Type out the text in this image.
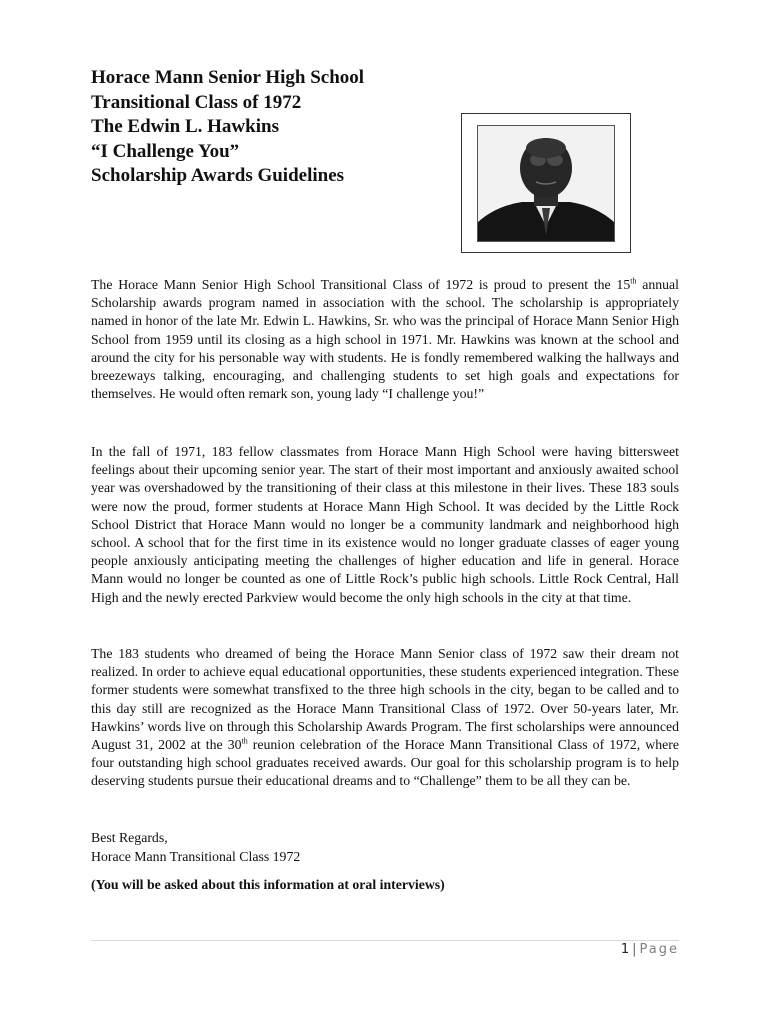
Horace Mann Senior High School
Transitional Class of 1972
The Edwin L. Hawkins
“I Challenge You”
Scholarship Awards Guidelines
The Horace Mann Senior High School Transitional Class of 1972 is proud to present the 15th annual Scholarship awards program named in association with the school. The scholarship is appropriately named in honor of the late Mr. Edwin L. Hawkins, Sr. who was the principal of Horace Mann Senior High School from 1959 until its closing as a high school in 1971. Mr. Hawkins was known at the school and around the city for his personable way with students. He is fondly remembered walking the hallways and breezeways talking, encouraging, and challenging students to set high goals and expectations for themselves. He would often remark son, young lady “I challenge you!”
In the fall of 1971, 183 fellow classmates from Horace Mann High School were having bittersweet feelings about their upcoming senior year. The start of their most important and anxiously awaited school year was overshadowed by the transitioning of their class at this milestone in their lives. These 183 souls were now the proud, former students at Horace Mann High School. It was decided by the Little Rock School District that Horace Mann would no longer be a community landmark and neighborhood high school. A school that for the first time in its existence would no longer graduate classes of eager young people anxiously anticipating meeting the challenges of higher education and life in general. Horace Mann would no longer be counted as one of Little Rock’s public high schools. Little Rock Central, Hall High and the newly erected Parkview would become the only high schools in the city at that time.
The 183 students who dreamed of being the Horace Mann Senior class of 1972 saw their dream not realized. In order to achieve equal educational opportunities, these students experienced integration. These former students were somewhat transfixed to the three high schools in the city, began to be called and to this day still are recognized as the Horace Mann Transitional Class of 1972. Over 50-years later, Mr. Hawkins’ words live on through this Scholarship Awards Program. The first scholarships were announced August 31, 2002 at the 30th reunion celebration of the Horace Mann Transitional Class of 1972, where four outstanding high school graduates received awards. Our goal for this scholarship program is to help deserving students pursue their educational dreams and to “Challenge” them to be all they can be.
Best Regards,
Horace Mann Transitional Class 1972
(You will be asked about this information at oral interviews)
1 | Page
